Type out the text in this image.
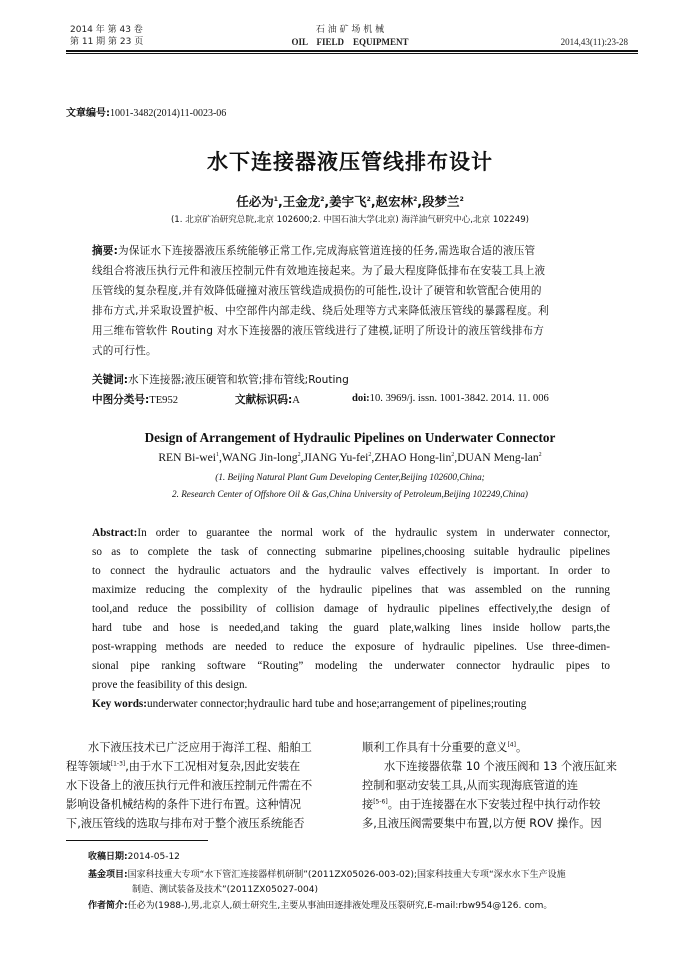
2014 年 第 43 卷
第 11 期 第 23 页
石 油 矿 场 机 械
OIL    FIELD    EQUIPMENT	2014,43(11):23-28
文章编号:1001-3482(2014)11-0023-06
水下连接器液压管线排布设计
任必为$^1$,王金龙$^2$,姜宇飞$^2$,赵宏林$^2$,段梦兰$^2$
(1. 北京矿冶研究总院,北京 102600;2. 中国石油大学(北京) 海洋油气研究中心,北京 102249)
摘要:为保证水下连接器液压系统能够正常工作,完成海底管道连接的任务,需选取合适的液压管
线组合将液压执行元件和液压控制元件有效地连接起来。为了最大程度降低排布在安装工具上液
压管线的复杂程度,并有效降低碰撞对液压管线造成损伤的可能性,设计了硬管和软管配合使用的
排布方式,并采取设置护板、中空部件内部走线、绕后处理等方式来降低液压管线的暴露程度。利
用三维布管软件 Routing 对水下连接器的液压管线进行了建模,证明了所设计的液压管线排布方
式的可行性。
关键词:水下连接器;液压硬管和软管;排布管线;Routing
中图分类号:TE952	文献标识码:A	doi:10. 3969/j. issn. 1001-3842. 2014. 11. 006
Design of Arrangement of Hydraulic Pipelines on Underwater Connector
REN Bi-wei$^1$,WANG Jin-long$^2$,JIANG Yu-fei$^2$,ZHAO Hong-lin$^2$,DUAN Meng-lan$^2$
(1. Beijing Natural Plant Gum Developing Center,Beijing 102600,China;
2. Research Center of Offshore Oil & Gas,China University of Petroleum,Beijing 102249,China)
Abstract:In order to guarantee the normal work of the hydraulic system in underwater connector,
so as to complete the task of connecting submarine pipelines,choosing suitable hydraulic pipelines
to connect the hydraulic actuators and the hydraulic valves effectively is important. In order to
maximize reducing the complexity of the hydraulic pipelines that was assembled on the running
tool,and reduce the possibility of collision damage of hydraulic pipelines effectively,the design of
hard tube and hose is needed,and taking the guard plate,walking lines inside hollow parts,the
post-wrapping methods are needed to reduce the exposure of hydraulic pipelines. Use three-dimen-
sional pipe ranking software “Routing” modeling the underwater connector hydraulic pipes to
prove the feasibility of this design.
Key words:underwater connector;hydraulic hard tube and hose;arrangement of pipelines;routing
水下液压技术已广泛应用于海洋工程、船舶工
程等领域[1-3],由于水下工况相对复杂,因此安装在
水下设备上的液压执行元件和液压控制元件需在不
影响设备机械结构的条件下进行布置。这种情况
下,液压管线的选取与排布对于整个液压系统能否
顺利工作具有十分重要的意义[4]。
水下连接器依靠 10 个液压阀和 13 个液压缸来
控制和驱动安装工具,从而实现海底管道的连
接[5-6]。由于连接器在水下安装过程中执行动作较
多,且液压阀需要集中布置,以方便 ROV 操作。因
收稿日期:2014-05-12
基金项目:国家科技重大专项“水下管汇连接器样机研制”(2011ZX05026-003-02);国家科技重大专项“深水水下生产设施
制造、测试装备及技术”(2011ZX05027-004)
作者简介:任必为(1988-),男,北京人,硕士研究生,主要从事油田逐排液处理及压裂研究,E-mail:rbw954@126. com。
